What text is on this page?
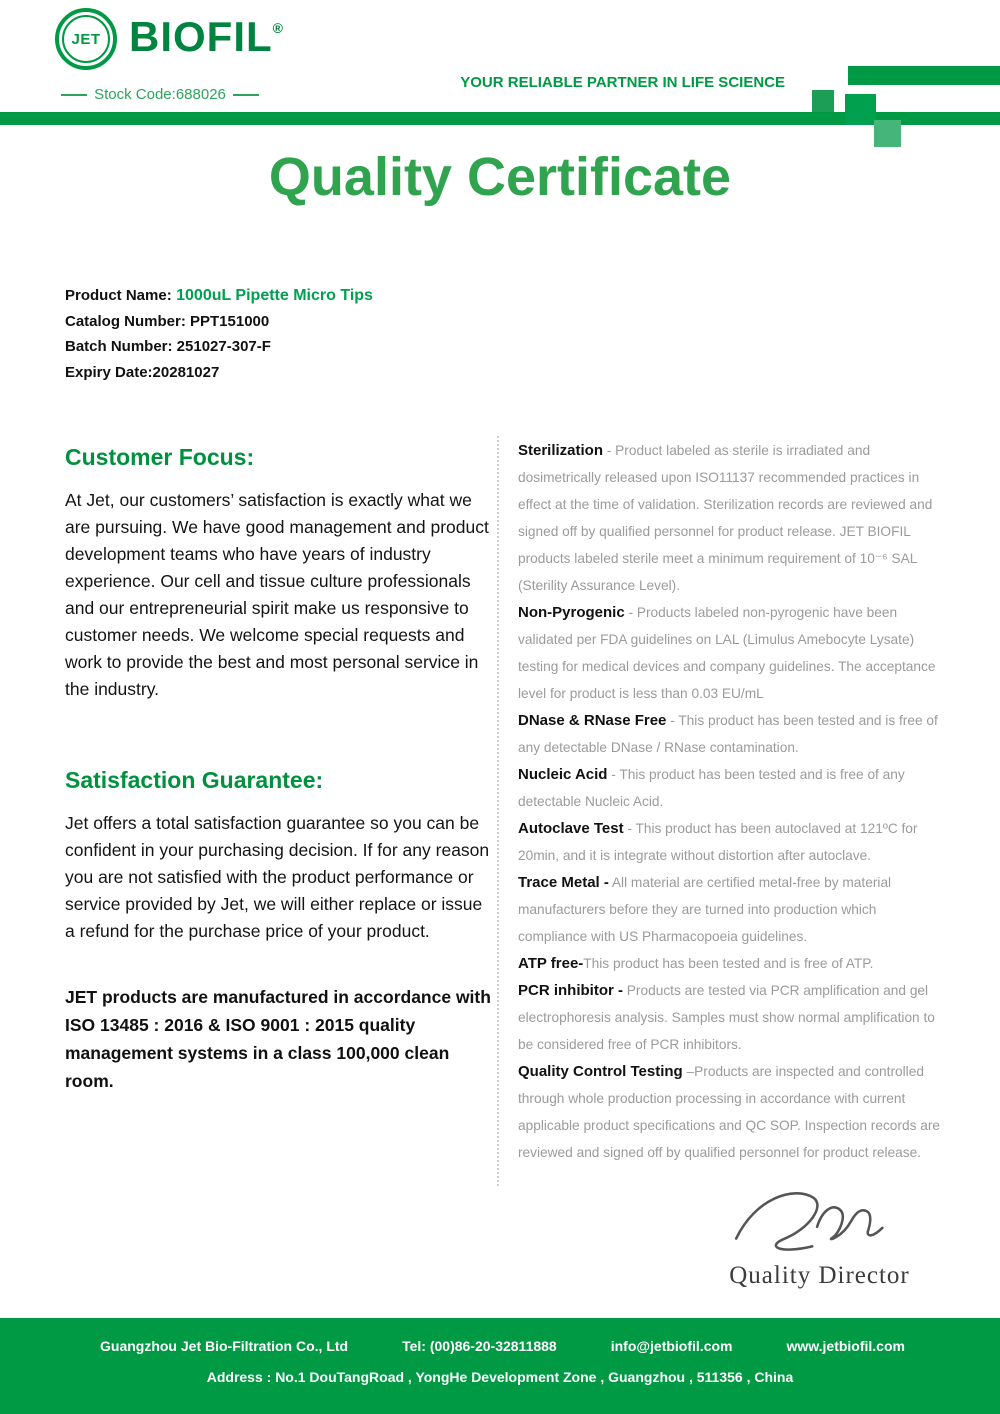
JET BIOFIL®
Stock Code:688026
YOUR RELIABLE PARTNER IN LIFE SCIENCE
Quality Certificate
Product Name: 1000uL Pipette Micro Tips
Catalog Number: PPT151000
Batch Number: 251027-307-F
Expiry Date:20281027
Customer Focus:

At Jet, our customers’ satisfaction is exactly what we are pursuing. We have good management and product development teams who have years of industry experience. Our cell and tissue culture professionals and our entrepreneurial spirit make us responsive to customer needs. We welcome special requests and work to provide the best and most personal service in the industry.

Satisfaction Guarantee:

Jet offers a total satisfaction guarantee so you can be confident in your purchasing decision. If for any reason you are not satisfied with the product performance or service provided by Jet, we will either replace or issue a refund for the purchase price of your product.

JET products are manufactured in accordance with ISO 13485 : 2016 & ISO 9001 : 2015 quality management systems in a class 100,000 clean room.

Sterilization - Product labeled as sterile is irradiated and dosimetrically released upon ISO11137 recommended practices in effect at the time of validation. Sterilization records are reviewed and signed off by qualified personnel for product release. JET BIOFIL products labeled sterile meet a minimum requirement of 10⁻⁶ SAL (Sterility Assurance Level).

Non-Pyrogenic - Products labeled non-pyrogenic have been validated per FDA guidelines on LAL (Limulus Amebocyte Lysate) testing for medical devices and company guidelines. The acceptance level for product is less than 0.03 EU/mL

DNase & RNase Free - This product has been tested and is free of any detectable DNase / RNase contamination.

Nucleic Acid - This product has been tested and is free of any detectable Nucleic Acid.

Autoclave Test - This product has been autoclaved at 121ºC for 20min, and it is integrate without distortion after autoclave.

Trace Metal - All material are certified metal-free by material manufacturers before they are turned into production which compliance with US Pharmacopoeia guidelines.

ATP free-This product has been tested and is free of ATP.

PCR inhibitor - Products are tested via PCR amplification and gel electrophoresis analysis. Samples must show normal amplification to be considered free of PCR inhibitors.

Quality Control Testing –Products are inspected and controlled through whole production processing in accordance with current applicable product specifications and QC SOP. Inspection records are reviewed and signed off by qualified personnel for product release.

Quality Director
Guangzhou Jet Bio-Filtration Co., Ltd	Tel: (00)86-20-32811888	info@jetbiofil.com	www.jetbiofil.com
Address : No.1 DouTangRoad , YongHe Development Zone , Guangzhou , 511356 , China
